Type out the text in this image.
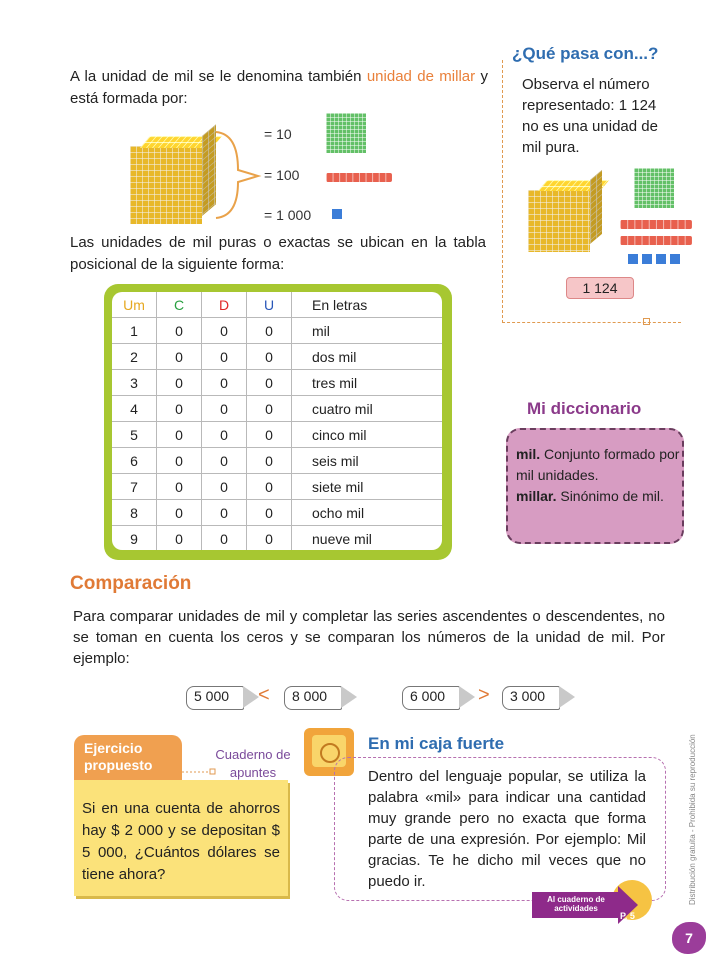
A la unidad de mil se le denomina también unidad de millar y está formada por:
= 10
= 100
= 1 000
Las unidades de mil puras o exactas se ubican en la tabla posicional de la siguiente forma:
Um	C	D	U	En letras
1	0	0	0	mil
2	0	0	0	dos mil
3	0	0	0	tres mil
4	0	0	0	cuatro mil
5	0	0	0	cinco mil
6	0	0	0	seis mil
7	0	0	0	siete mil
8	0	0	0	ocho mil
9	0	0	0	nueve mil
¿Qué pasa con...?
Observa el número representado: 1 124 no es una unidad de mil pura.
1 124
Mi diccionario
mil. Conjunto formado por mil unidades.
millar. Sinónimo de mil.
Comparación
Para comparar unidades de mil y completar las series ascendentes o descendentes, no se toman en cuenta los ceros y se comparan los números de la unidad de mil. Por ejemplo:
5 000 < 8 000	6 000 > 3 000
Ejercicio propuesto
Cuaderno de apuntes
Si en una cuenta de ahorros hay $ 2 000 y se depositan $ 5 000, ¿Cuántos dólares se tiene ahora?
En mi caja fuerte
Dentro del lenguaje popular, se utiliza la palabra «mil» para indicar una cantidad muy grande pero no exacta que forma parte de una expresión. Por ejemplo: Mil gracias. Te he dicho mil veces que no puedo ir.
Al cuaderno de actividades
P. 5
Distribución gratuita - Prohibida su reproducción
7
